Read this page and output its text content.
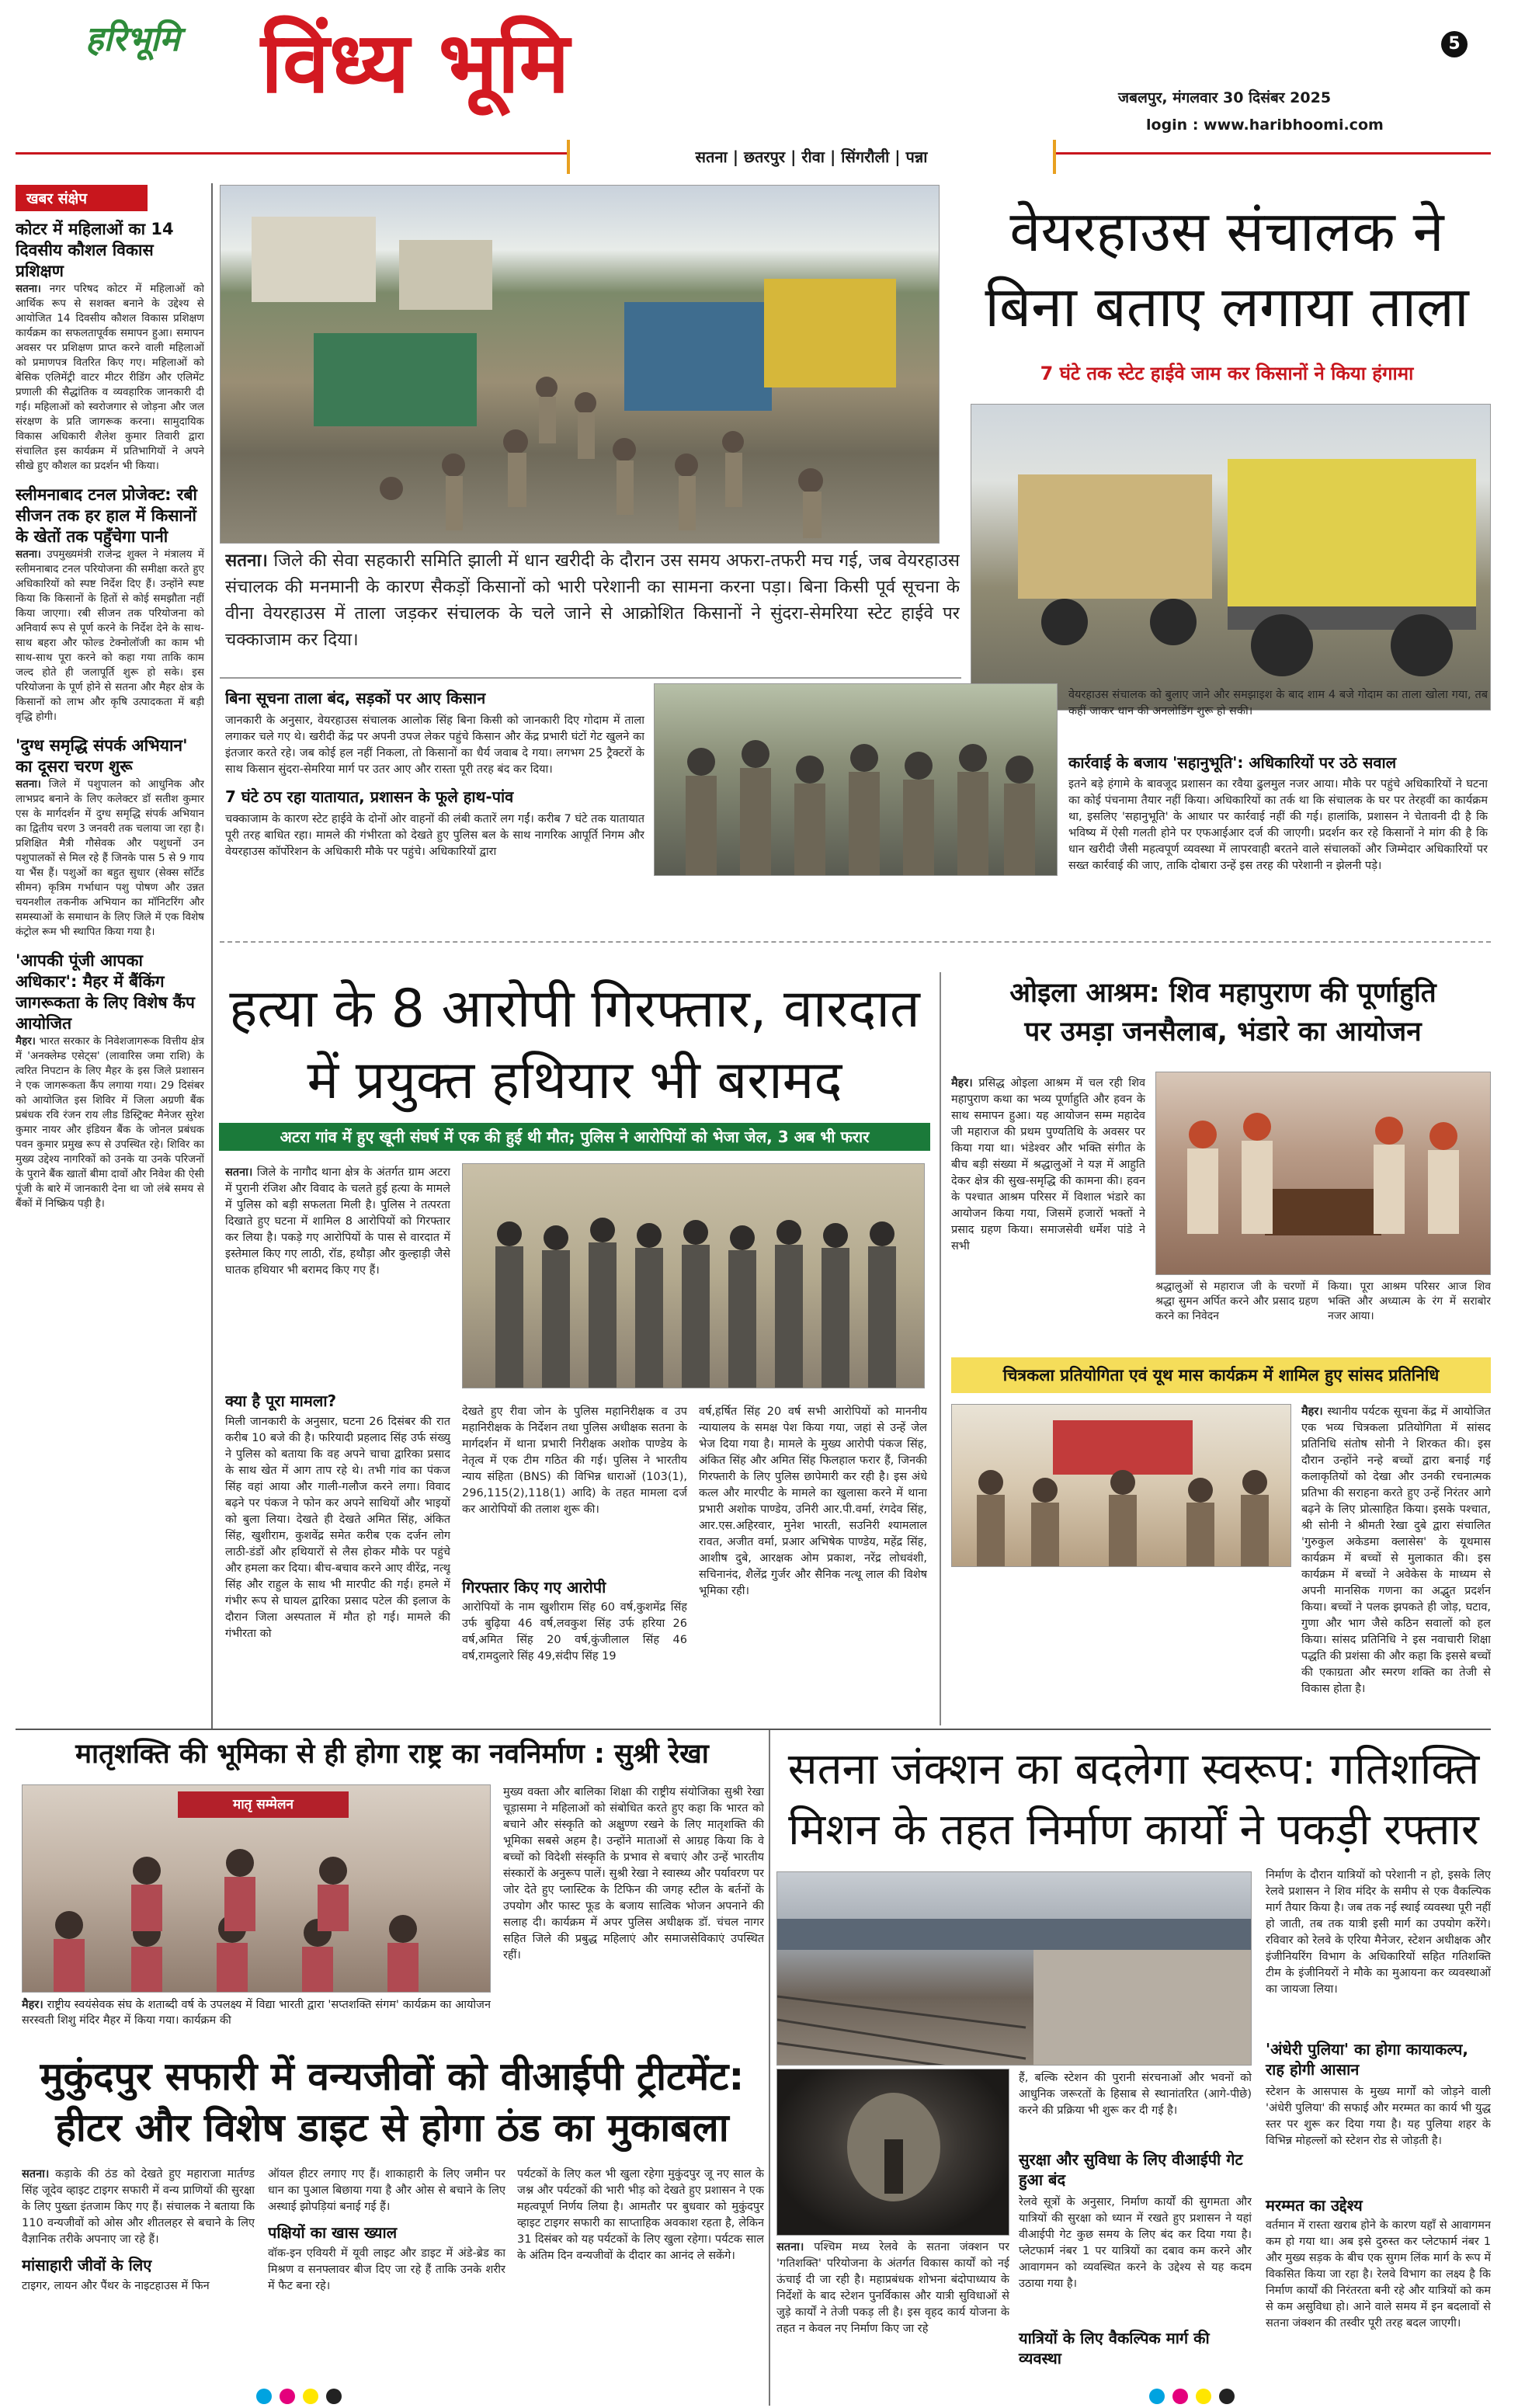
हरिभूमि विंध्य भूमि	5
जबलपुर, मंगलवार 30 दिसंबर 2025
login : www.haribhoomi.com
सतना | छतरपुर | रीवा | सिंगरौली | पन्ना
खबर संक्षेप
कोटर में महिलाओं का 14 दिवसीय कौशल विकास प्रशिक्षण
सतना। नगर परिषद कोटर में महिलाओं को आर्थिक रूप से सशक्त बनाने के उद्देश्य से आयोजित 14 दिवसीय कौशल विकास प्रशिक्षण कार्यक्रम का सफलतापूर्वक समापन हुआ। समापन अवसर पर प्रशिक्षण प्राप्त करने वाली महिलाओं को प्रमाणपत्र वितरित किए गए। महिलाओं को बेसिक एलिमेंट्री वाटर मीटर रीडिंग और एलिमेंट प्रणाली की सैद्धांतिक व व्यवहारिक जानकारी दी गई। महिलाओं को स्वरोजगार से जोड़ना और जल संरक्षण के प्रति जागरूक करना। सामुदायिक विकास अधिकारी शैलेश कुमार तिवारी द्वारा संचालित इस कार्यक्रम में प्रतिभागियों ने अपने सीखे हुए कौशल का प्रदर्शन भी किया।
स्लीमनाबाद टनल प्रोजेक्ट: रबी सीजन तक हर हाल में किसानों के खेतों तक पहुँचेगा पानी
सतना। उपमुख्यमंत्री राजेन्द्र शुक्ल ने मंत्रालय में स्लीमनाबाद टनल परियोजना की समीक्षा करते हुए अधिकारियों को स्पष्ट निर्देश दिए हैं। उन्होंने स्पष्ट किया कि किसानों के हितों से कोई समझौता नहीं किया जाएगा। रबी सीजन तक परियोजना को अनिवार्य रूप से पूर्ण करने के निर्देश देने के साथ-साथ बहरा और फोल्ड टेक्नोलॉजी का काम भी साथ-साथ पूरा करने को कहा गया ताकि काम जल्द होते ही जलापूर्ति शुरू हो सके। इस परियोजना के पूर्ण होने से सतना और मैहर क्षेत्र के किसानों को लाभ और कृषि उत्पादकता में बड़ी वृद्धि होगी।
'दुग्ध समृद्धि संपर्क अभियान' का दूसरा चरण शुरू
सतना। जिले में पशुपालन को आधुनिक और लाभप्रद बनाने के लिए कलेक्टर डॉ सतीश कुमार एस के मार्गदर्शन में दुग्ध समृद्धि संपर्क अभियान का द्वितीय चरण 3 जनवरी तक चलाया जा रहा है। प्रशिक्षित मैत्री गौसेवक और पशुधनों उन पशुपालकों से मिल रहे हैं जिनके पास 5 से 9 गाय या भैंस हैं। पशुओं का बहुत सुधार (सेक्स सॉर्टेड सीमन) कृत्रिम गर्भाधान पशु पोषण और उन्नत चयनशील तकनीक अभियान का मॉनिटरिंग और समस्याओं के समाधान के लिए जिले में एक विशेष कंट्रोल रूम भी स्थापित किया गया है।
'आपकी पूंजी आपका अधिकार': मैहर में बैंकिंग जागरूकता के लिए विशेष कैंप आयोजित
मैहर। भारत सरकार के निवेशजागरूक वित्तीय क्षेत्र में 'अनक्लेम्ड एसेट्स' (लावारिस जमा राशि) के त्वरित निपटान के लिए मैहर के इस जिले प्रशासन ने एक जागरूकता कैंप लगाया गया। 29 दिसंबर को आयोजित इस शिविर में जिला अग्रणी बैंक प्रबंधक रवि रंजन राय लीड डिस्ट्रिक्ट मैनेजर सुरेश कुमार नायर और इंडियन बैंक के जोनल प्रबंधक पवन कुमार प्रमुख रूप से उपस्थित रहे। शिविर का मुख्य उद्देश्य नागरिकों को उनके या उनके परिजनों के पुराने बैंक खातों बीमा दावों और निवेश की ऐसी पूंजी के बारे में जानकारी देना था जो लंबे समय से बैंकों में निष्क्रिय पड़ी है।
वेयरहाउस संचालक ने
बिना बताए लगाया ताला
7 घंटे तक स्टेट हाईवे जाम कर किसानों ने किया हंगामा
सतना। जिले की सेवा सहकारी समिति झाली में धान खरीदी के दौरान उस समय अफरा-तफरी मच गई, जब वेयरहाउस संचालक की मनमानी के कारण सैकड़ों किसानों को भारी परेशानी का सामना करना पड़ा। बिना किसी पूर्व सूचना के वीना वेयरहाउस में ताला जड़कर संचालक के चले जाने से आक्रोशित किसानों ने सुंदरा-सेमरिया स्टेट हाईवे पर चक्काजाम कर दिया।
बिना सूचना ताला बंद, सड़कों पर आए किसान
जानकारी के अनुसार, वेयरहाउस संचालक आलोक सिंह बिना किसी को जानकारी दिए गोदाम में ताला लगाकर चले गए थे। खरीदी केंद्र पर अपनी उपज लेकर पहुंचे किसान और केंद्र प्रभारी घंटों गेट खुलने का इंतजार करते रहे। जब कोई हल नहीं निकला, तो किसानों का धैर्य जवाब दे गया। लगभग 25 ट्रैक्टरों के साथ किसान सुंदरा-सेमरिया मार्ग पर उतर आए और रास्ता पूरी तरह बंद कर दिया।
7 घंटे ठप रहा यातायात, प्रशासन के फूले हाथ-पांव
चक्काजाम के कारण स्टेट हाईवे के दोनों ओर वाहनों की लंबी कतारें लग गईं। करीब 7 घंटे तक यातायात पूरी तरह बाधित रहा। मामले की गंभीरता को देखते हुए पुलिस बल के साथ नागरिक आपूर्ति निगम और वेयरहाउस कॉर्पोरेशन के अधिकारी मौके पर पहुंचे। अधिकारियों द्वारा
वेयरहाउस संचालक को बुलाए जाने और समझाइश के बाद शाम 4 बजे गोदाम का ताला खोला गया, तब कहीं जाकर धान की अनलोडिंग शुरू हो सकी।
कार्रवाई के बजाय 'सहानुभूति': अधिकारियों पर उठे सवाल
इतने बड़े हंगामे के बावजूद प्रशासन का रवैया ढुलमुल नजर आया। मौके पर पहुंचे अधिकारियों ने घटना का कोई पंचनामा तैयार नहीं किया। अधिकारियों का तर्क था कि संचालक के घर पर तेरहवीं का कार्यक्रम था, इसलिए 'सहानुभूति' के आधार पर कार्रवाई नहीं की गई। हालांकि, प्रशासन ने चेतावनी दी है कि भविष्य में ऐसी गलती होने पर एफआईआर दर्ज की जाएगी। प्रदर्शन कर रहे किसानों ने मांग की है कि धान खरीदी जैसी महत्वपूर्ण व्यवस्था में लापरवाही बरतने वाले संचालकों और जिम्मेदार अधिकारियों पर सख्त कार्रवाई की जाए, ताकि दोबारा उन्हें इस तरह की परेशानी न झेलनी पड़े।
हत्या के 8 आरोपी गिरफ्तार, वारदात
में प्रयुक्त हथियार भी बरामद
अटरा गांव में हुए खूनी संघर्ष में एक की हुई थी मौत; पुलिस ने आरोपियों को भेजा जेल, 3 अब भी फरार
सतना। जिले के नागौद थाना क्षेत्र के अंतर्गत ग्राम अटरा में पुरानी रंजिश और विवाद के चलते हुई हत्या के मामले में पुलिस को बड़ी सफलता मिली है। पुलिस ने तत्परता दिखाते हुए घटना में शामिल 8 आरोपियों को गिरफ्तार कर लिया है। पकड़े गए आरोपियों के पास से वारदात में इस्तेमाल किए गए लाठी, रॉड, हथौड़ा और कुल्हाड़ी जैसे घातक हथियार भी बरामद किए गए हैं।
क्या है पूरा मामला?
मिली जानकारी के अनुसार, घटना 26 दिसंबर की रात करीब 10 बजे की है। फरियादी प्रहलाद सिंह उर्फ संख्यु ने पुलिस को बताया कि वह अपने चाचा द्वारिका प्रसाद के साथ खेत में आग ताप रहे थे। तभी गांव का पंकज सिंह वहां आया और गाली-गलौज करने लगा। विवाद बढ़ने पर पंकज ने फोन कर अपने साथियों और भाइयों को बुला लिया। देखते ही देखते अमित सिंह, अंकित सिंह, खुशीराम, कुशवेंद्र समेत करीब एक दर्जन लोग लाठी-डंडों और हथियारों से लैस होकर मौके पर पहुंचे और हमला कर दिया। बीच-बचाव करने आए वीरेंद्र, नत्थू सिंह और राहुल के साथ भी मारपीट की गई। हमले में गंभीर रूप से घायल द्वारिका प्रसाद पटेल की इलाज के दौरान जिला अस्पताल में मौत हो गई। मामले की गंभीरता को
देखते हुए रीवा जोन के पुलिस महानिरीक्षक व उप महानिरीक्षक के निर्देशन तथा पुलिस अधीक्षक सतना के मार्गदर्शन में थाना प्रभारी निरीक्षक अशोक पाण्डेय के नेतृत्व में एक टीम गठित की गई। पुलिस ने भारतीय न्याय संहिता (BNS) की विभिन्न धाराओं (103(1), 296,115(2),118(1) आदि) के तहत मामला दर्ज कर आरोपियों की तलाश शुरू की।
गिरफ्तार किए गए आरोपी
आरोपियों के नाम खुशीराम सिंह 60 वर्ष,कुशमेंद्र सिंह उर्फ बुढ़िया 46 वर्ष,लवकुश सिंह उर्फ हरिया 26 वर्ष,अमित सिंह 20 वर्ष,कुंजीलाल सिंह 46 वर्ष,रामदुलारे सिंह 49,संदीप सिंह 19
वर्ष,हर्षित सिंह 20 वर्ष सभी आरोपियों को माननीय न्यायालय के समक्ष पेश किया गया, जहां से उन्हें जेल भेज दिया गया है। मामले के मुख्य आरोपी पंकज सिंह, अंकित सिंह और अमित सिंह फिलहाल फरार हैं, जिनकी गिरफ्तारी के लिए पुलिस छापेमारी कर रही है। इस अंधे कत्ल और मारपीट के मामले का खुलासा करने में थाना प्रभारी अशोक पाण्डेय, उनिरी आर.पी.वर्मा, रंगदेव सिंह, आर.एस.अहिरवार, मुनेश भारती, सउनिरी श्यामलाल रावत, अजीत वर्मा, प्रआर अभिषेक पाण्डेय, महेंद्र सिंह, आशीष दुबे, आरक्षक ओम प्रकाश, नरेंद्र लोधवंशी, सचिनानंद, शैलेंद्र गुर्जर और सैनिक नत्थू लाल की विशेष भूमिका रही।
ओइला आश्रम: शिव महापुराण की पूर्णाहुति
पर उमड़ा जनसैलाब, भंडारे का आयोजन
मैहर। प्रसिद्ध ओइला आश्रम में चल रही शिव महापुराण कथा का भव्य पूर्णाहुति और हवन के साथ समापन हुआ। यह आयोजन सम्म महादेव जी महाराज की प्रथम पुण्यतिथि के अवसर पर किया गया था। भंडेश्वर और भक्ति संगीत के बीच बड़ी संख्या में श्रद्धालुओं ने यज्ञ में आहुति देकर क्षेत्र की सुख-समृद्धि की कामना की। हवन के पश्चात आश्रम परिसर में विशाल भंडारे का आयोजन किया गया, जिसमें हजारों भक्तों ने प्रसाद ग्रहण किया। समाजसेवी धर्मेश पांडे ने सभी
श्रद्धालुओं से महाराज जी के चरणों में श्रद्धा सुमन अर्पित करने और प्रसाद ग्रहण करने का निवेदन
किया। पूरा आश्रम परिसर आज शिव भक्ति और अध्यात्म के रंग में सराबोर नजर आया।
चित्रकला प्रतियोगिता एवं यूथ मास कार्यक्रम में शामिल हुए सांसद प्रतिनिधि
मैहर। स्थानीय पर्यटक सूचना केंद्र में आयोजित एक भव्य चित्रकला प्रतियोगिता में सांसद प्रतिनिधि संतोष सोनी ने शिरकत की। इस दौरान उन्होंने नन्हे बच्चों द्वारा बनाई गई कलाकृतियों को देखा और उनकी रचनात्मक प्रतिभा की सराहना करते हुए उन्हें निरंतर आगे बढ़ने के लिए प्रोत्साहित किया। इसके पश्चात, श्री सोनी ने श्रीमती रेखा दुबे द्वारा संचालित 'गुरुकुल अकेडमा क्लासेस' के यूथमास कार्यक्रम में बच्चों से मुलाकात की। इस कार्यक्रम में बच्चों ने अवेकेस के माध्यम से अपनी मानसिक गणना का अद्भुत प्रदर्शन किया। बच्चों ने पलक झपकते ही जोड़, घटाव, गुणा और भाग जैसे कठिन सवालों को हल किया। सांसद प्रतिनिधि ने इस नवाचारी शिक्षा पद्धति की प्रशंसा की और कहा कि इससे बच्चों की एकाग्रता और स्मरण शक्ति का तेजी से विकास होता है।
मातृशक्ति की भूमिका से ही होगा राष्ट्र का नवनिर्माण : सुश्री रेखा
मातृ सम्मेलन
मैहर। राष्ट्रीय स्वयंसेवक संघ के शताब्दी वर्ष के उपलक्ष्य में विद्या भारती द्वारा 'सप्तशक्ति संगम' कार्यक्रम का आयोजन सरस्वती शिशु मंदिर मैहर में किया गया। कार्यक्रम की
मुख्य वक्ता और बालिका शिक्षा की राष्ट्रीय संयोजिका सुश्री रेखा चूड़ासमा ने महिलाओं को संबोधित करते हुए कहा कि भारत को बचाने और संस्कृति को अक्षुण्ण रखने के लिए मातृशक्ति की भूमिका सबसे अहम है। उन्होंने माताओं से आग्रह किया कि वे बच्चों को विदेशी संस्कृति के प्रभाव से बचाएं और उन्हें भारतीय संस्कारों के अनुरूप पालें। सुश्री रेखा ने स्वास्थ्य और पर्यावरण पर जोर देते हुए प्लास्टिक के टिफिन की जगह स्टील के बर्तनों के उपयोग और फास्ट फूड के बजाय सात्विक भोजन अपनाने की सलाह दी। कार्यक्रम में अपर पुलिस अधीक्षक डॉ. चंचल नागर सहित जिले की प्रबुद्ध महिलाएं और समाजसेविकाएं उपस्थित रहीं।
सतना जंक्शन का बदलेगा स्वरूप: गतिशक्ति
मिशन के तहत निर्माण कार्यों ने पकड़ी रफ्तार
निर्माण के दौरान यात्रियों को परेशानी न हो, इसके लिए रेलवे प्रशासन ने शिव मंदिर के समीप से एक वैकल्पिक मार्ग तैयार किया है। जब तक नई स्थाई व्यवस्था पूरी नहीं हो जाती, तब तक यात्री इसी मार्ग का उपयोग करेंगे। रविवार को रेलवे के एरिया मैनेजर, स्टेशन अधीक्षक और इंजीनियरिंग विभाग के अधिकारियों सहित गतिशक्ति टीम के इंजीनियरों ने मौके का मुआयना कर व्यवस्थाओं का जायजा लिया।
'अंधेरी पुलिया' का होगा कायाकल्प, राह होगी आसान
स्टेशन के आसपास के मुख्य मार्गों को जोड़ने वाली 'अंधेरी पुलिया' की सफाई और मरम्मत का कार्य भी युद्ध स्तर पर शुरू कर दिया गया है। यह पुलिया शहर के विभिन्न मोहल्लों को स्टेशन रोड से जोड़ती है।
मरम्मत का उद्देश्य
वर्तमान में रास्ता खराब होने के कारण यहाँ से आवागमन कम हो गया था। अब इसे दुरुस्त कर प्लेटफार्म नंबर 1 और मुख्य सड़क के बीच एक सुगम लिंक मार्ग के रूप में विकसित किया जा रहा है। रेलवे विभाग का लक्ष्य है कि निर्माण कार्यों की निरंतरता बनी रहे और यात्रियों को कम से कम असुविधा हो। आने वाले समय में इन बदलावों से सतना जंक्शन की तस्वीर पूरी तरह बदल जाएगी।
हैं, बल्कि स्टेशन की पुरानी संरचनाओं और भवनों को आधुनिक जरूरतों के हिसाब से स्थानांतरित (आगे-पीछे) करने की प्रक्रिया भी शुरू कर दी गई है।
सुरक्षा और सुविधा के लिए वीआईपी गेट हुआ बंद
रेलवे सूत्रों के अनुसार, निर्माण कार्यों की सुगमता और यात्रियों की सुरक्षा को ध्यान में रखते हुए प्रशासन ने यहां वीआईपी गेट कुछ समय के लिए बंद कर दिया गया है। प्लेटफार्म नंबर 1 पर यात्रियों का दबाव कम करने और आवागमन को व्यवस्थित करने के उद्देश्य से यह कदम उठाया गया है।
यात्रियों के लिए वैकल्पिक मार्ग की व्यवस्था
सतना। पश्चिम मध्य रेलवे के सतना जंक्शन पर 'गतिशक्ति' परियोजना के अंतर्गत विकास कार्यों को नई ऊंचाई दी जा रही है। महाप्रबंधक शोभना बंदोपाध्याय के निर्देशों के बाद स्टेशन पुनर्विकास और यात्री सुविधाओं से जुड़े कार्यों ने तेजी पकड़ ली है। इस वृहद कार्य योजना के तहत न केवल नए निर्माण किए जा रहे
मुकुंदपुर सफारी में वन्यजीवों को वीआईपी ट्रीटमेंट:
हीटर और विशेष डाइट से होगा ठंड का मुकाबला
सतना। कड़ाके की ठंड को देखते हुए महाराजा मार्तण्ड सिंह जूदेव व्हाइट टाइगर सफारी में वन्य प्राणियों की सुरक्षा के लिए पुख्ता इंतजाम किए गए हैं। संचालक ने बताया कि 110 वन्यजीवों को ओस और शीतलहर से बचाने के लिए वैज्ञानिक तरीके अपनाए जा रहे हैं।
मांसाहारी जीवों के लिए
टाइगर, लायन और पैंथर के नाइटहाउस में फिन
ऑयल हीटर लगाए गए हैं। शाकाहारी के लिए जमीन पर धान का पुआल बिछाया गया है और ओस से बचाने के लिए अस्थाई झोपड़ियां बनाई गई हैं।
पक्षियों का खास ख्याल
वॉक-इन एवियरी में यूवी लाइट और डाइट में अंडे-ब्रेड का मिश्रण व सनफ्लावर बीज दिए जा रहे हैं ताकि उनके शरीर में फैट बना रहे।
पर्यटकों के लिए कल भी खुला रहेगा मुकुंदपुर जू नए साल के जश्न और पर्यटकों की भारी भीड़ को देखते हुए प्रशासन ने एक महत्वपूर्ण निर्णय लिया है। आमतौर पर बुधवार को मुकुंदपुर व्हाइट टाइगर सफारी का साप्ताहिक अवकाश रहता है, लेकिन 31 दिसंबर को यह पर्यटकों के लिए खुला रहेगा। पर्यटक साल के अंतिम दिन वन्यजीवों के दीदार का आनंद ले सकेंगे।
